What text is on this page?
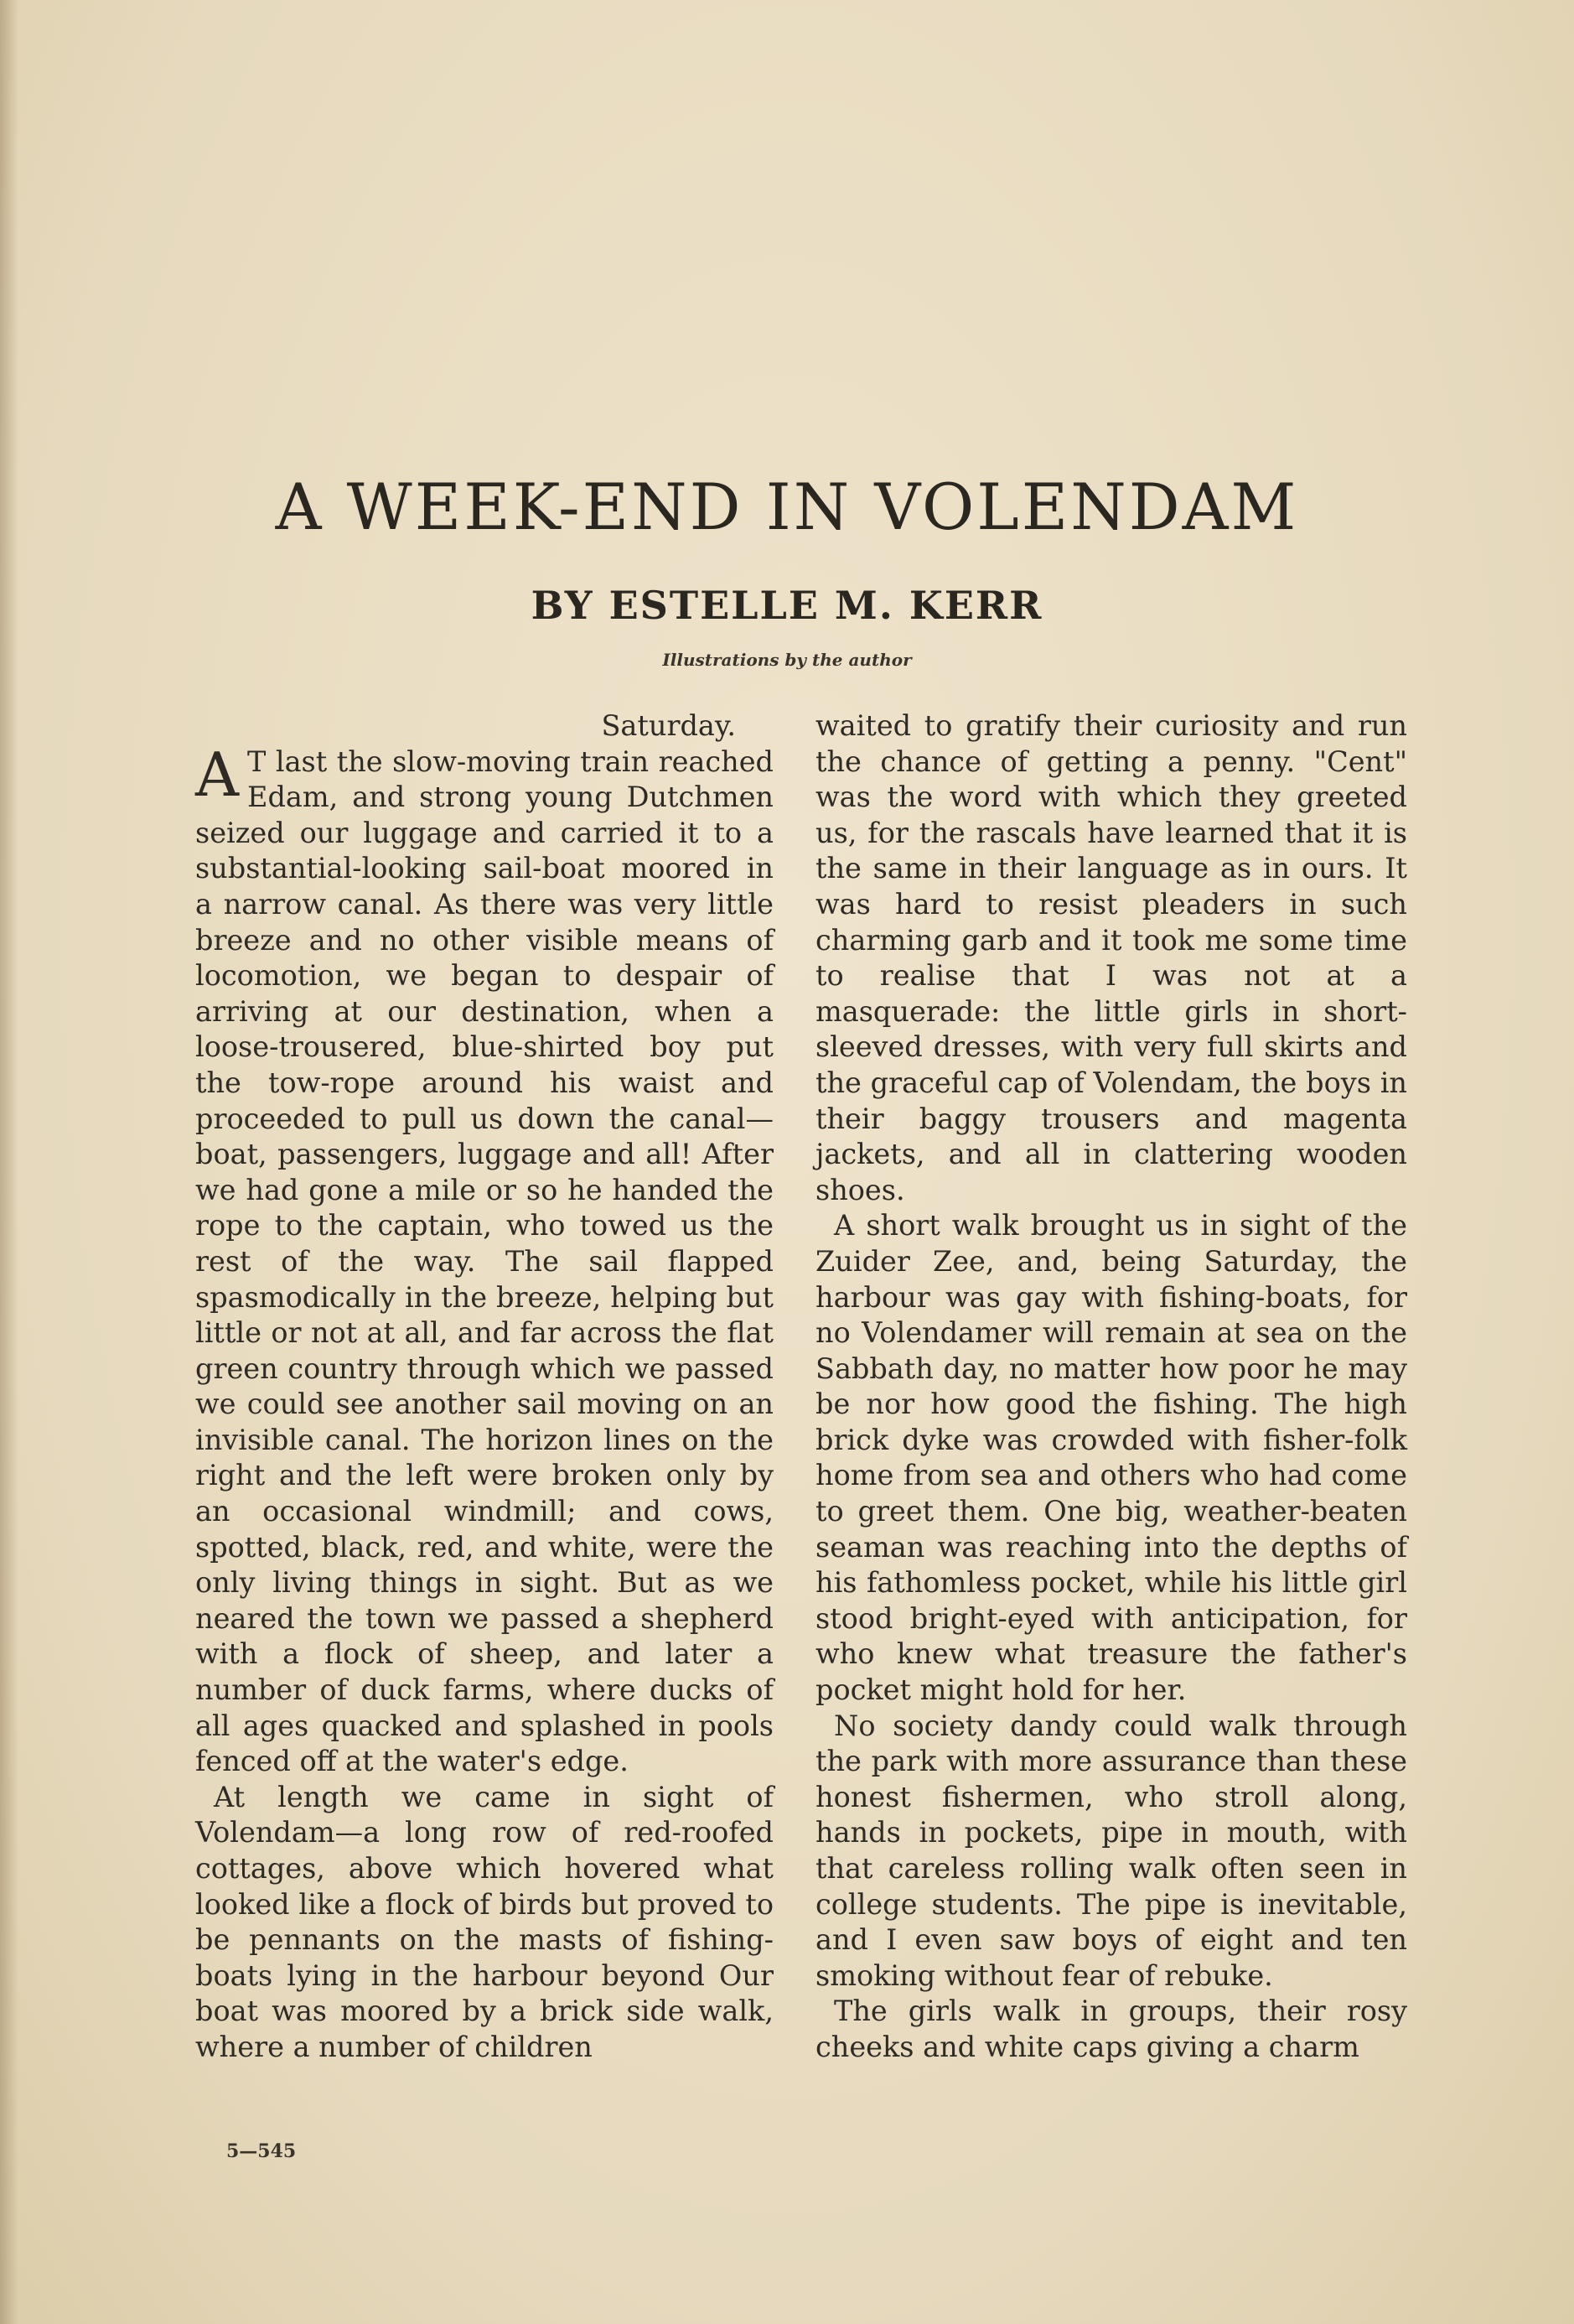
A WEEK-END IN VOLENDAM
BY ESTELLE M. KERR
Illustrations by the author

Saturday.

A T last the slow-moving train reached Edam, and strong young Dutchmen seized our luggage and carried it to a substantial-looking sail-boat moored in a narrow canal. As there was very little breeze and no other visible means of locomotion, we began to despair of arriving at our destination, when a loose-trousered, blue-shirted boy put the tow-rope around his waist and proceeded to pull us down the canal—boat, passengers, luggage and all! After we had gone a mile or so he handed the rope to the captain, who towed us the rest of the way. The sail flapped spasmodically in the breeze, helping but little or not at all, and far across the flat green country through which we passed we could see another sail moving on an invisible canal. The horizon lines on the right and the left were broken only by an occasional windmill; and cows, spotted, black, red, and white, were the only living things in sight. But as we neared the town we passed a shepherd with a flock of sheep, and later a number of duck farms, where ducks of all ages quacked and splashed in pools fenced off at the water's edge.

At length we came in sight of Volendam—a long row of red-roofed cottages, above which hovered what looked like a flock of birds but proved to be pennants on the masts of fishing-boats lying in the harbour beyond Our boat was moored by a brick side walk, where a number of children

waited to gratify their curiosity and run the chance of getting a penny. "Cent" was the word with which they greeted us, for the rascals have learned that it is the same in their language as in ours. It was hard to resist pleaders in such charming garb and it took me some time to realise that I was not at a masquerade: the little girls in short-sleeved dresses, with very full skirts and the graceful cap of Volendam, the boys in their baggy trousers and magenta jackets, and all in clattering wooden shoes.

A short walk brought us in sight of the Zuider Zee, and, being Saturday, the harbour was gay with fishing-boats, for no Volendamer will remain at sea on the Sabbath day, no matter how poor he may be nor how good the fishing. The high brick dyke was crowded with fisher-folk home from sea and others who had come to greet them. One big, weather-beaten seaman was reaching into the depths of his fathomless pocket, while his little girl stood bright-eyed with anticipation, for who knew what treasure the father's pocket might hold for her.

No society dandy could walk through the park with more assurance than these honest fishermen, who stroll along, hands in pockets, pipe in mouth, with that careless rolling walk often seen in college students. The pipe is inevitable, and I even saw boys of eight and ten smoking without fear of rebuke.

The girls walk in groups, their rosy cheeks and white caps giving a charm

5—545
